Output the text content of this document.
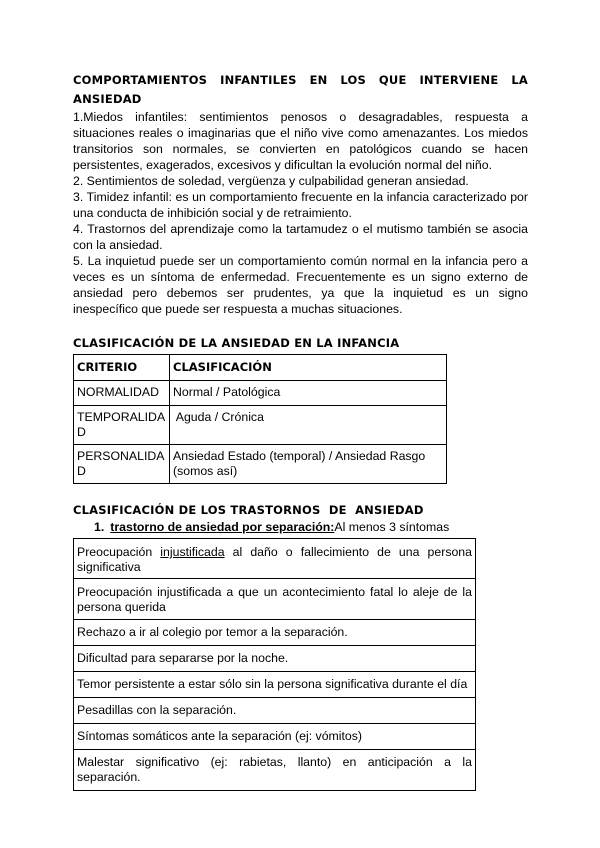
COMPORTAMIENTOS INFANTILES EN LOS QUE INTERVIENE LA
ANSIEDAD

1.Miedos infantiles: sentimientos penosos o desagradables, respuesta a situaciones reales o imaginarias que el niño vive como amenazantes. Los miedos transitorios son normales, se convierten en patológicos cuando se hacen persistentes, exagerados, excesivos y dificultan la evolución normal del niño.

2. Sentimientos de soledad, vergüenza y culpabilidad generan ansiedad.

3. Timidez infantil: es un comportamiento frecuente en la infancia caracterizado por una conducta de inhibición social y de retraimiento.

4. Trastornos del aprendizaje como la tartamudez o el mutismo también se asocia con la ansiedad.

5. La inquietud puede ser un comportamiento común normal en la infancia pero a veces es un síntoma de enfermedad. Frecuentemente es un signo externo de ansiedad pero debemos ser prudentes, ya que la inquietud es un signo inespecífico que puede ser respuesta a muchas situaciones.

CLASIFICACIÓN DE LA ANSIEDAD EN LA INFANCIA

CRITERIO	CLASIFICACIÓN
NORMALIDAD	Normal / Patológica
TEMPORALIDAD	Aguda / Crónica
PERSONALIDAD	Ansiedad Estado (temporal) / Ansiedad Rasgo (somos así)

CLASIFICACIÓN DE LOS TRASTORNOS  DE  ANSIEDAD

1. trastorno de ansiedad por separación:Al menos 3 síntomas
Preocupación injustificada al daño o fallecimiento de una persona significativa
Preocupación injustificada a que un acontecimiento fatal lo aleje de la persona querida
Rechazo a ir al colegio por temor a la separación.
Dificultad para separarse por la noche.
Temor persistente a estar sólo sin la persona significativa durante el día
Pesadillas con la separación.
Síntomas somáticos ante la separación (ej: vómitos)
Malestar significativo (ej: rabietas, llanto) en anticipación a la separación.
